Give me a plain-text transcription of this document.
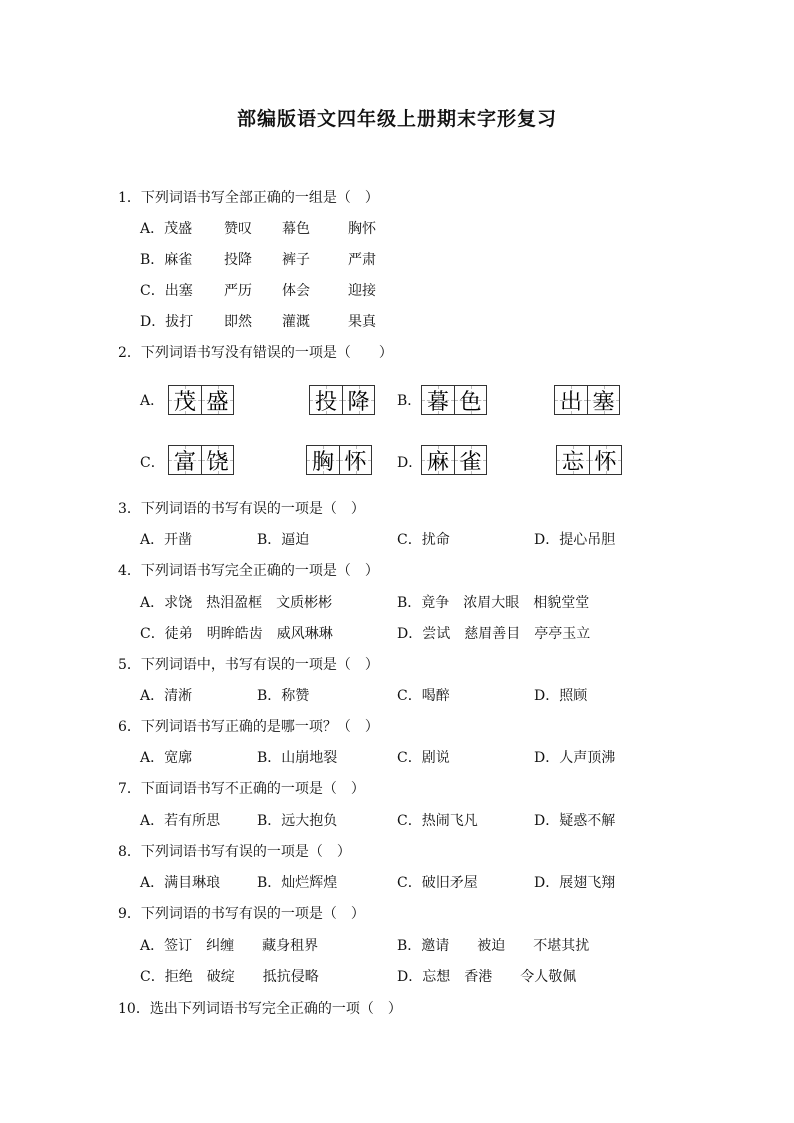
部编版语文四年级上册期末字形复习
1．下列词语书写全部正确的一组是（　）
A．茂盛 赞叹 幕色	胸怀
B．麻雀 投降 裤子	严肃
C．出塞 严历 体会	迎接
D．拔打 即然 灌溉	果真
2．下列词语书写没有错误的一项是（　　）
A． 茂 盛	投 降 B． 暮 色	出 塞
C． 富 饶	胸 怀 D． 麻 雀	忘 怀
3．下列词语的书写有误的一项是（　）
A．开凿	B．逼迫	C．扰命	D．提心吊胆
4．下列词语书写完全正确的一项是（　）
A．求饶　热泪盈框　文质彬彬	B．竟争　浓眉大眼　相貌堂堂
C．徒弟　明眸皓齿　威风琳琳	D．尝试　慈眉善目　亭亭玉立
5．下列词语中，书写有误的一项是（　）
A．清淅	B．称赞	C．喝醉	D．照顾
6．下列词语书写正确的是哪一项？（　）
A．宽廓	B．山崩地裂	C．剧说	D．人声顶沸
7．下面词语书写不正确的一项是（　）
A．若有所思	B．远大抱负	C．热闹飞凡	D．疑惑不解
8．下列词语书写有误的一项是（　）
A．满目琳琅	B．灿烂辉煌	C．破旧矛屋	D．展翅飞翔
9．下列词语的书写有误的一项是（　）
A．签订　纠缠　　藏身租界	B．邀请　　被迫　　不堪其扰
C．拒绝　破绽　　抵抗侵略	D．忘想　香港　　令人敬佩
10．选出下列词语书写完全正确的一项（　）
